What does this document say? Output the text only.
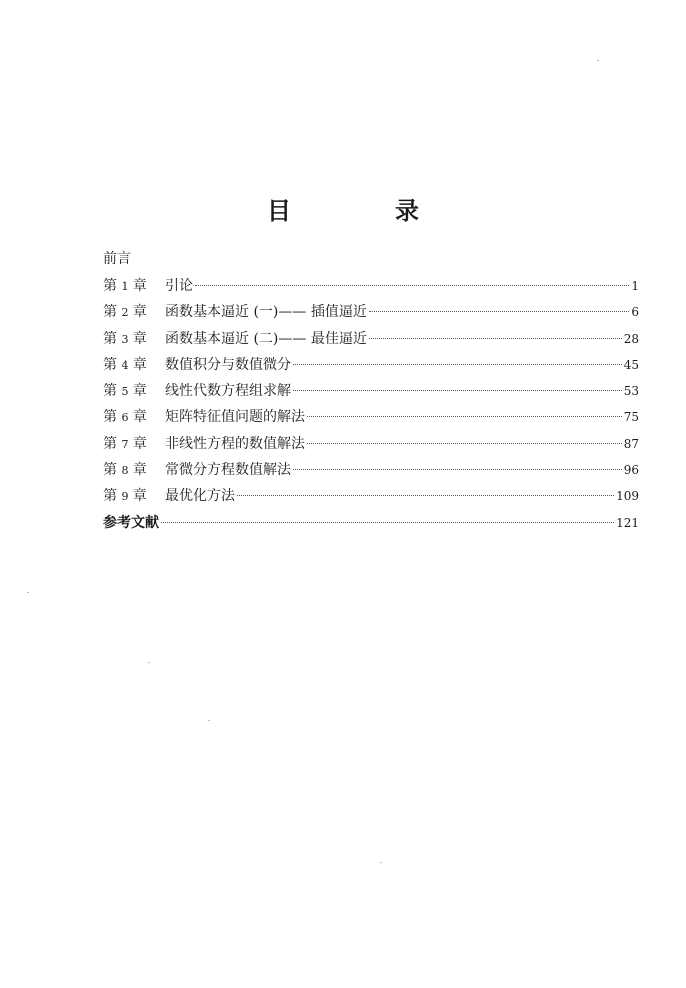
目　录
前言
第 1 章	引论	1
第 2 章	函数基本逼近 (一)—— 插值逼近	6
第 3 章	函数基本逼近 (二)—— 最佳逼近	28
第 4 章	数值积分与数值微分	45
第 5 章	线性代数方程组求解	53
第 6 章	矩阵特征值问题的解法	75
第 7 章	非线性方程的数值解法	87
第 8 章	常微分方程数值解法	96
第 9 章	最优化方法	109
参考文献	121
